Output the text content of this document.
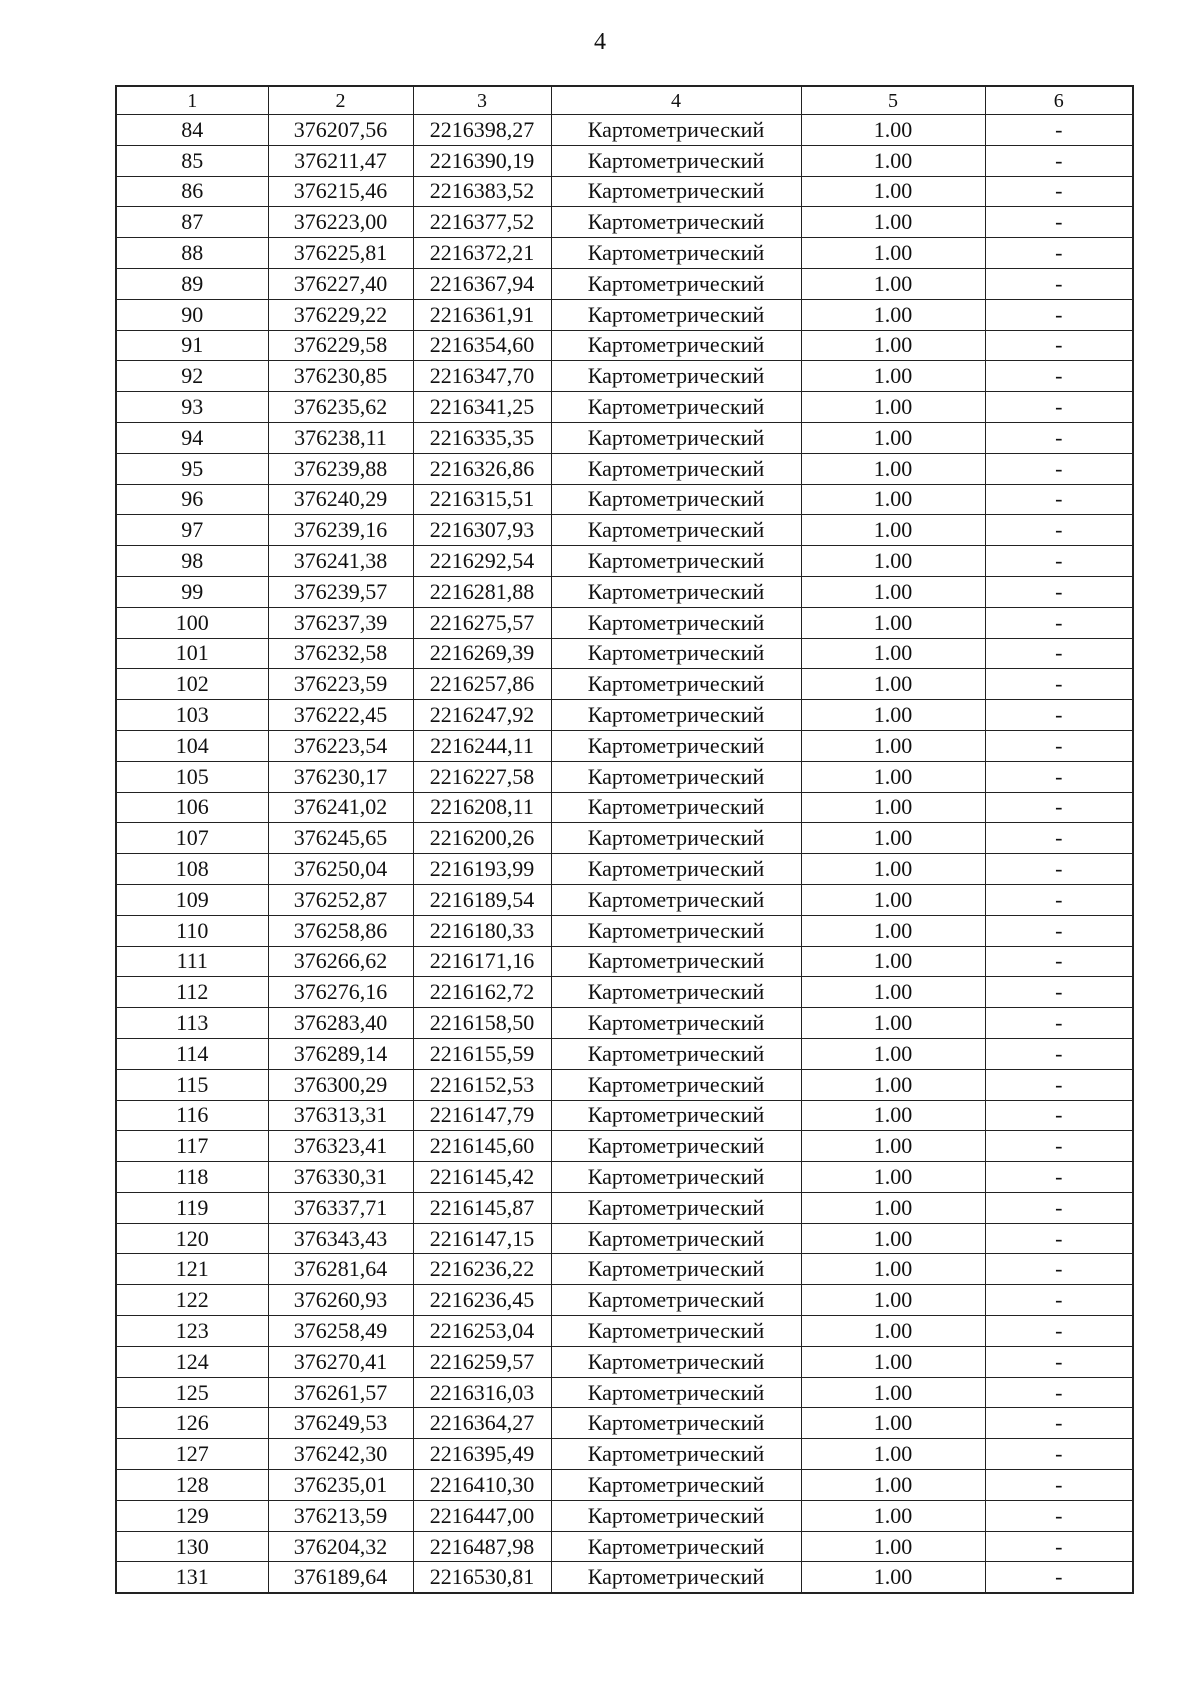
4
1	2	3	4	5	6
84	376207,56	2216398,27	Картометрический	1.00	-
85	376211,47	2216390,19	Картометрический	1.00	-
86	376215,46	2216383,52	Картометрический	1.00	-
87	376223,00	2216377,52	Картометрический	1.00	-
88	376225,81	2216372,21	Картометрический	1.00	-
89	376227,40	2216367,94	Картометрический	1.00	-
90	376229,22	2216361,91	Картометрический	1.00	-
91	376229,58	2216354,60	Картометрический	1.00	-
92	376230,85	2216347,70	Картометрический	1.00	-
93	376235,62	2216341,25	Картометрический	1.00	-
94	376238,11	2216335,35	Картометрический	1.00	-
95	376239,88	2216326,86	Картометрический	1.00	-
96	376240,29	2216315,51	Картометрический	1.00	-
97	376239,16	2216307,93	Картометрический	1.00	-
98	376241,38	2216292,54	Картометрический	1.00	-
99	376239,57	2216281,88	Картометрический	1.00	-
100	376237,39	2216275,57	Картометрический	1.00	-
101	376232,58	2216269,39	Картометрический	1.00	-
102	376223,59	2216257,86	Картометрический	1.00	-
103	376222,45	2216247,92	Картометрический	1.00	-
104	376223,54	2216244,11	Картометрический	1.00	-
105	376230,17	2216227,58	Картометрический	1.00	-
106	376241,02	2216208,11	Картометрический	1.00	-
107	376245,65	2216200,26	Картометрический	1.00	-
108	376250,04	2216193,99	Картометрический	1.00	-
109	376252,87	2216189,54	Картометрический	1.00	-
110	376258,86	2216180,33	Картометрический	1.00	-
111	376266,62	2216171,16	Картометрический	1.00	-
112	376276,16	2216162,72	Картометрический	1.00	-
113	376283,40	2216158,50	Картометрический	1.00	-
114	376289,14	2216155,59	Картометрический	1.00	-
115	376300,29	2216152,53	Картометрический	1.00	-
116	376313,31	2216147,79	Картометрический	1.00	-
117	376323,41	2216145,60	Картометрический	1.00	-
118	376330,31	2216145,42	Картометрический	1.00	-
119	376337,71	2216145,87	Картометрический	1.00	-
120	376343,43	2216147,15	Картометрический	1.00	-
121	376281,64	2216236,22	Картометрический	1.00	-
122	376260,93	2216236,45	Картометрический	1.00	-
123	376258,49	2216253,04	Картометрический	1.00	-
124	376270,41	2216259,57	Картометрический	1.00	-
125	376261,57	2216316,03	Картометрический	1.00	-
126	376249,53	2216364,27	Картометрический	1.00	-
127	376242,30	2216395,49	Картометрический	1.00	-
128	376235,01	2216410,30	Картометрический	1.00	-
129	376213,59	2216447,00	Картометрический	1.00	-
130	376204,32	2216487,98	Картометрический	1.00	-
131	376189,64	2216530,81	Картометрический	1.00	-
